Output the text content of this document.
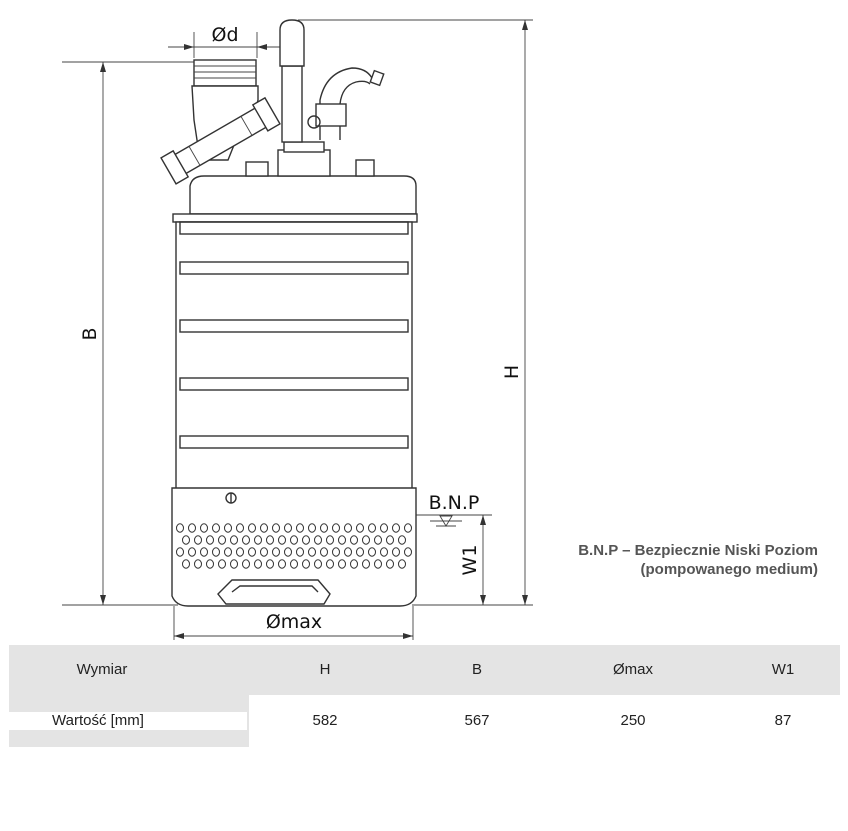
B
H
Ød
Ømax
B.N.P
W1	B.N.P – Bezpiecznie Niski Poziom
(pompowanego medium)
Wymiar	H	B	Ømax	W1
Wartość [mm]	582	567	250	87
